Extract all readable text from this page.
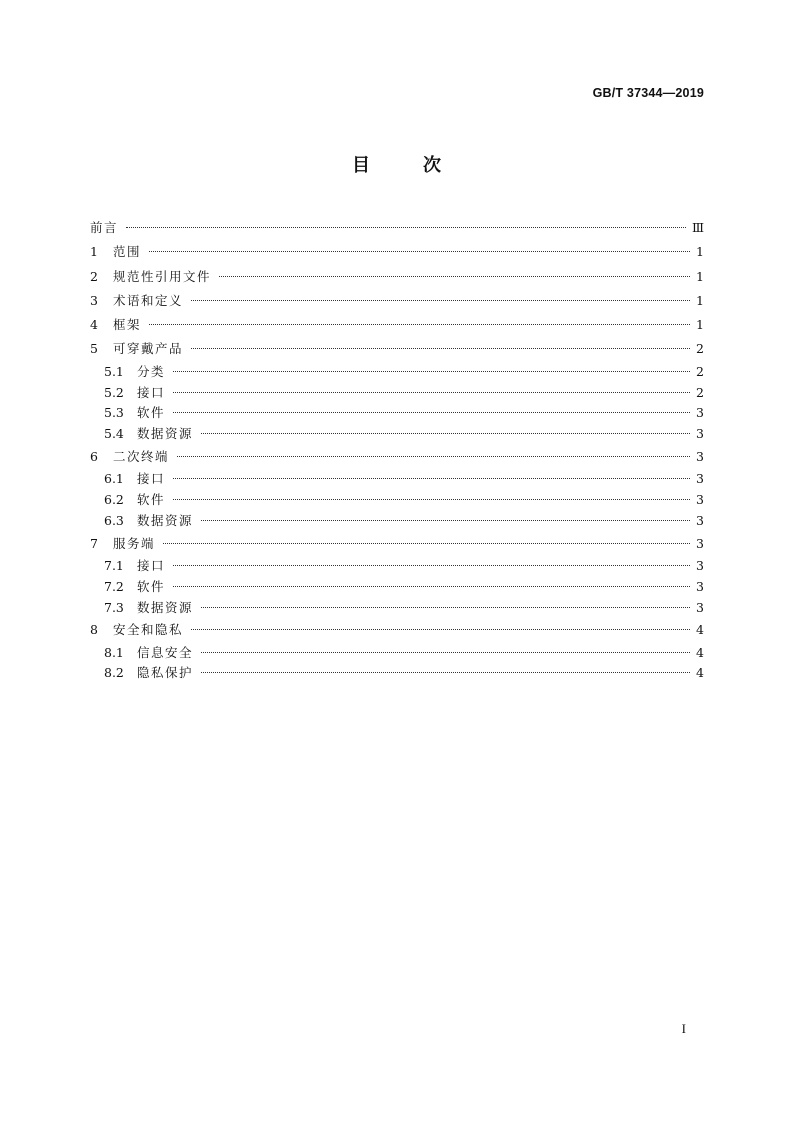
GB/T 37344—2019
目	次
前言	Ⅲ
1	范围	1
2	规范性引用文件	1
3	术语和定义	1
4	框架	1
5	可穿戴产品	2
5.1	分类	2
5.2	接口	2
5.3	软件	3
5.4	数据资源	3
6	二次终端	3
6.1	接口	3
6.2	软件	3
6.3	数据资源	3
7	服务端	3
7.1	接口	3
7.2	软件	3
7.3	数据资源	3
8	安全和隐私	4
8.1	信息安全	4
8.2	隐私保护	4
I
